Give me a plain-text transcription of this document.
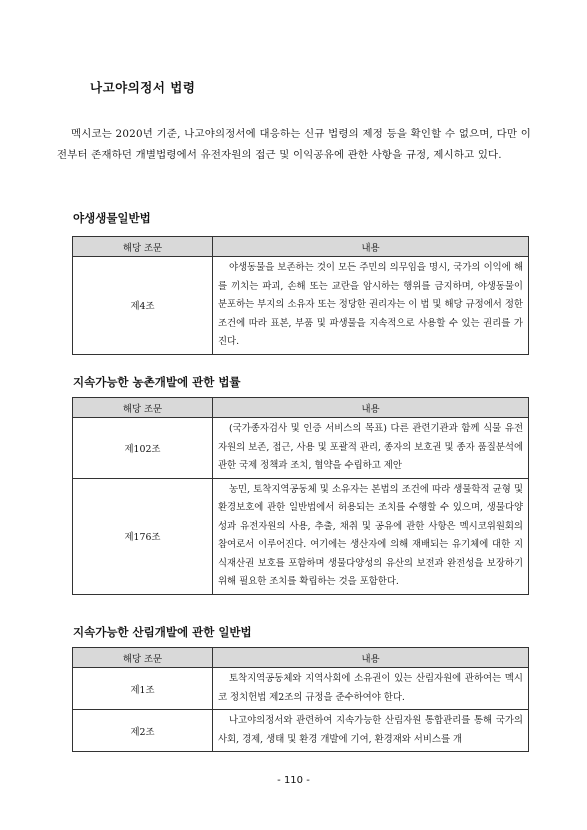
나고야의정서 법령

멕시코는 2020년 기준, 나고야의정서에 대응하는 신규 법령의 제정 등을 확인할 수 없으며, 다만 이전부터 존재하던 개별법령에서 유전자원의 접근 및 이익공유에 관한 사항을 규정, 제시하고 있다.

야생생물일반법
해당 조문	내용
제4조	야생동물을 보존하는 것이 모든 주민의 의무임을 명시, 국가의 이익에 해를 끼치는 파괴, 손해 또는 교란을 암시하는 행위를 금지하며, 야생동물이 분포하는 부지의 소유자 또는 정당한 권리자는 이 법 및 해당 규정에서 정한 조건에 따라 표본, 부품 및 파생물을 지속적으로 사용할 수 있는 권리를 가진다.
지속가능한 농촌개발에 관한 법률
해당 조문	내용
제102조	(국가종자검사 및 인증 서비스의 목표) 다른 관련기관과 함께 식물 유전자원의 보존, 접근, 사용 및 포괄적 관리, 종자의 보호권 및 종자 품질분석에 관한 국제 정책과 조치, 협약을 수립하고 제안
제176조	농민, 토착지역공동체 및 소유자는 본법의 조건에 따라 생물학적 균형 및 환경보호에 관한 일반법에서 허용되는 조치를 수행할 수 있으며, 생물다양성과 유전자원의 사용, 추출, 채취 및 공유에 관한 사항은 멕시코위원회의 참여로서 이루어진다. 여기에는 생산자에 의해 재배되는 유기체에 대한 지식재산권 보호를 포함하며 생물다양성의 유산의 보전과 완전성을 보장하기 위해 필요한 조치를 확립하는 것을 포함한다.
지속가능한 산림개발에 관한 일반법
해당 조문	내용
제1조	토착지역공동체와 지역사회에 소유권이 있는 산림자원에 관하여는 멕시코 정치헌법 제2조의 규정을 준수하여야 한다.
제2조	나고야의정서와 관련하여 지속가능한 산림자원 통합관리를 통해 국가의 사회, 경제, 생태 및 환경 개발에 기여, 환경재와 서비스를 개
- 110 -
